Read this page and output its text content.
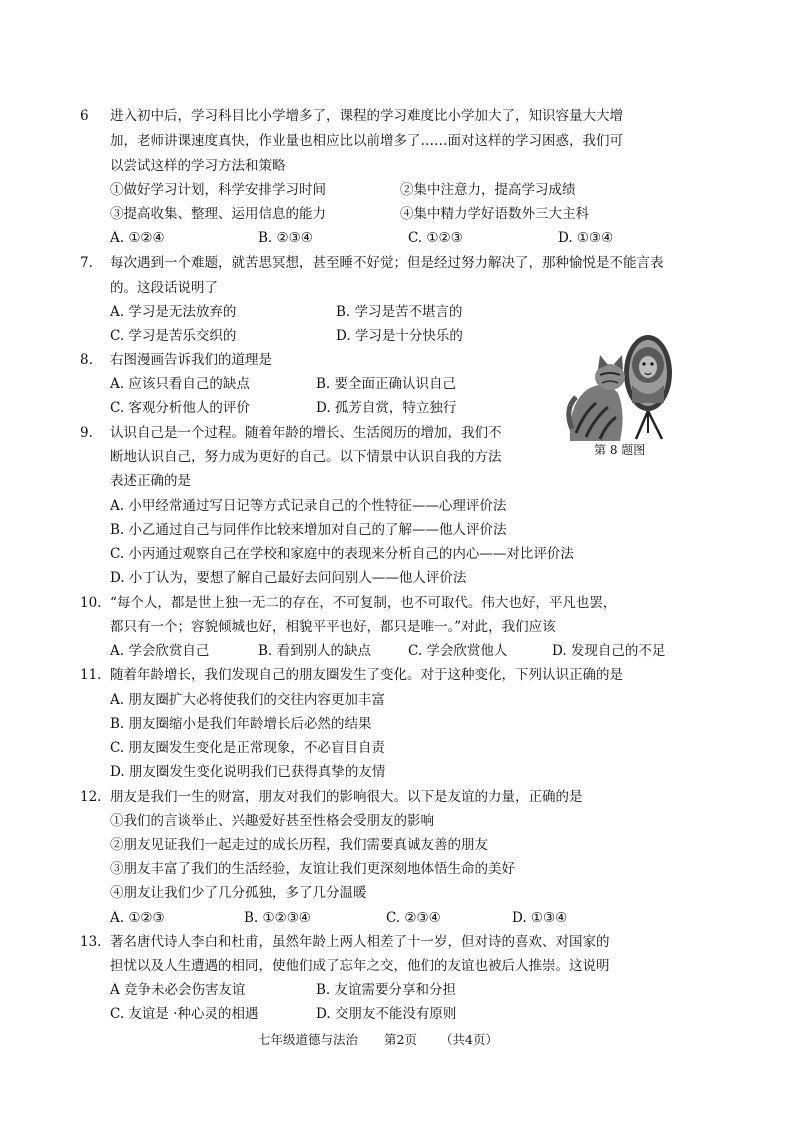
6 进入初中后，学习科目比小学增多了，课程的学习难度比小学加大了，知识容量大大增
加，老师讲课速度真快，作业量也相应比以前增多了……面对这样的学习困惑，我们可
以尝试这样的学习方法和策略
①做好学习计划，科学安排学习时间	②集中注意力，提高学习成绩
③提高收集、整理、运用信息的能力	④集中精力学好语数外三大主科
A. ①②④	B. ②③④	C. ①②③	D. ①③④
7. 每次遇到一个难题，就苦思冥想，甚至睡不好觉；但是经过努力解决了，那种愉悦是不能言表
的。这段话说明了
A. 学习是无法放弃的	B. 学习是苦不堪言的
C. 学习是苦乐交织的	D. 学习是十分快乐的
8. 右图漫画告诉我们的道理是
A. 应该只看自己的缺点	B. 要全面正确认识自己
C. 客观分析他人的评价	D. 孤芳自赏，特立独行
第 8 题图
9. 认识自己是一个过程。随着年龄的增长、生活阅历的增加，我们不
断地认识自己，努力成为更好的自己。以下情景中认识自我的方法
表述正确的是
A. 小甲经常通过写日记等方式记录自己的个性特征——心理评价法
B. 小乙通过自己与同伴作比较来增加对自己的了解——他人评价法
C. 小丙通过观察自己在学校和家庭中的表现来分析自己的内心——对比评价法
D. 小丁认为，要想了解自己最好去问问别人——他人评价法
10. “每个人，都是世上独一无二的存在，不可复制，也不可取代。伟大也好，平凡也罢，
都只有一个；容貌倾城也好，相貌平平也好，都只是唯一。”对此，我们应该
A. 学会欣赏自己	B. 看到别人的缺点	C. 学会欣赏他人	D. 发现自己的不足
11. 随着年龄增长，我们发现自己的朋友圈发生了变化。对于这种变化，下列认识正确的是
A. 朋友圈扩大必将使我们的交往内容更加丰富
B. 朋友圈缩小是我们年龄增长后必然的结果
C. 朋友圈发生变化是正常现象，不必盲目自责
D. 朋友圈发生变化说明我们已获得真挚的友情
12. 朋友是我们一生的财富，朋友对我们的影响很大。以下是友谊的力量，正确的是
①我们的言谈举止、兴趣爱好甚至性格会受朋友的影响
②朋友见证我们一起走过的成长历程，我们需要真诚友善的朋友
③朋友丰富了我们的生活经验，友谊让我们更深刻地体悟生命的美好
④朋友让我们少了几分孤独，多了几分温暖
A. ①②③	B. ①②③④	C. ②③④	D. ①③④
13. 著名唐代诗人李白和杜甫，虽然年龄上两人相差了十一岁，但对诗的喜欢、对国家的
担忧以及人生遭遇的相同，使他们成了忘年之交，他们的友谊也被后人推崇。这说明
A 竞争未必会伤害友谊	B. 友谊需要分享和分担
C. 友谊是 ·种心灵的相遇	D. 交朋友不能没有原则
七年级道德与法治 第2页 （共4页）
